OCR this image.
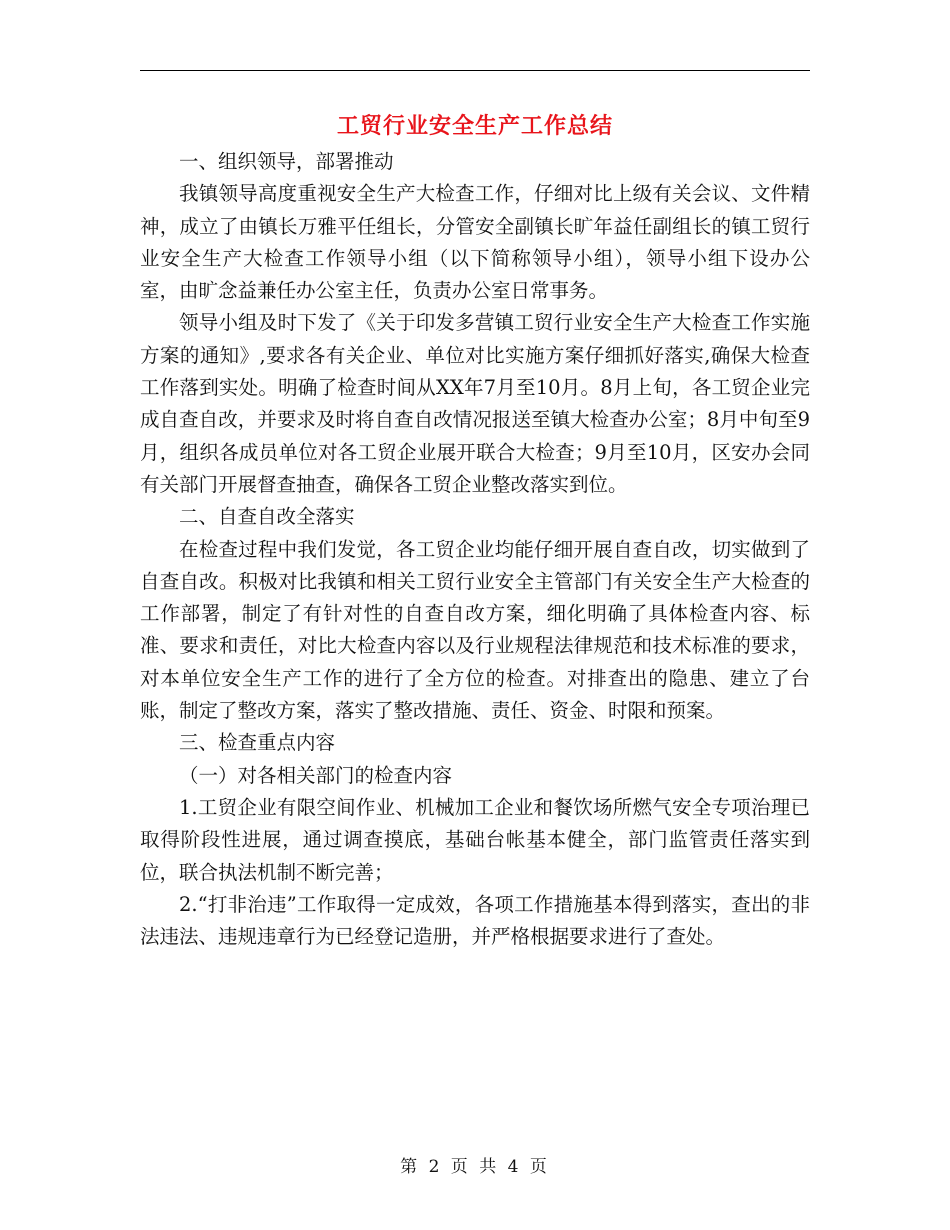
工贸行业安全生产工作总结

一、组织领导，部署推动

我镇领导高度重视安全生产大检查工作，仔细对比上级有关会议、文件精神，成立了由镇长万雅平任组长，分管安全副镇长旷年益任副组长的镇工贸行业安全生产大检查工作领导小组（以下简称领导小组），领导小组下设办公室，由旷念益兼任办公室主任，负责办公室日常事务。

领导小组及时下发了《关于印发多营镇工贸行业安全生产大检查工作实施方案的通知》,要求各有关企业、单位对比实施方案仔细抓好落实,确保大检查工作落到实处。明确了检查时间从XX年7月至10月。8月上旬，各工贸企业完成自查自改，并要求及时将自查自改情况报送至镇大检查办公室；8月中旬至9月，组织各成员单位对各工贸企业展开联合大检查；9月至10月，区安办会同有关部门开展督查抽查，确保各工贸企业整改落实到位。

二、自查自改全落实

在检查过程中我们发觉，各工贸企业均能仔细开展自查自改，切实做到了自查自改。积极对比我镇和相关工贸行业安全主管部门有关安全生产大检查的工作部署，制定了有针对性的自查自改方案，细化明确了具体检查内容、标准、要求和责任，对比大检查内容以及行业规程法律规范和技术标准的要求，对本单位安全生产工作的进行了全方位的检查。对排查出的隐患、建立了台账，制定了整改方案，落实了整改措施、责任、资金、时限和预案。

三、检查重点内容

（一）对各相关部门的检查内容

1.工贸企业有限空间作业、机械加工企业和餐饮场所燃气安全专项治理已取得阶段性进展，通过调查摸底，基础台帐基本健全，部门监管责任落实到位，联合执法机制不断完善；

2.“打非治违”工作取得一定成效，各项工作措施基本得到落实，查出的非法违法、违规违章行为已经登记造册，并严格根据要求进行了查处。

第 2 页 共 4 页
